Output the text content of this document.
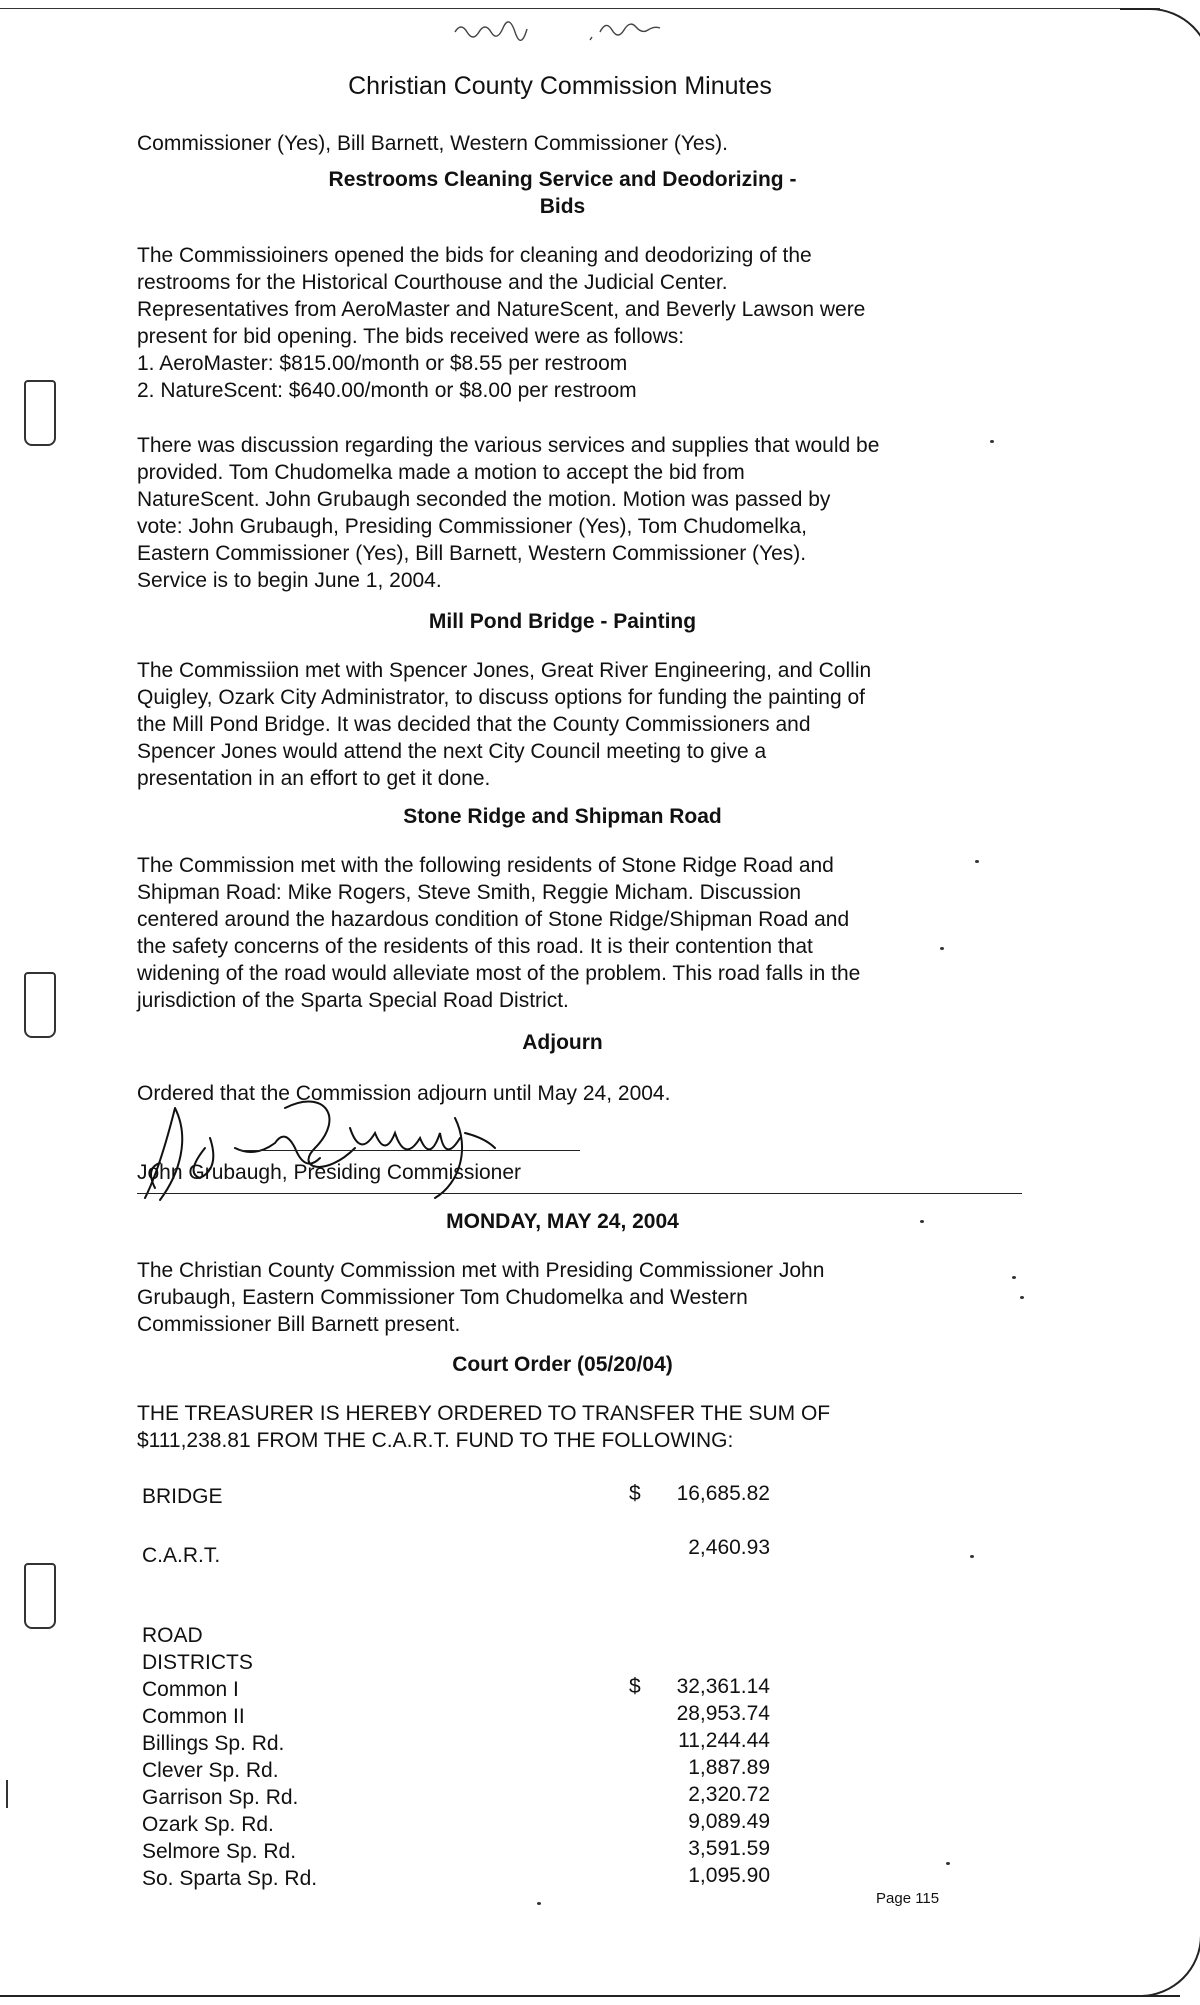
Christian County Commission Minutes
Commissioner (Yes), Bill Barnett, Western Commissioner (Yes).
Restrooms Cleaning Service and Deodorizing -
Bids
The Commissioiners opened the bids for cleaning and deodorizing of the
restrooms for the Historical Courthouse and the Judicial Center.
Representatives from AeroMaster and NatureScent, and Beverly Lawson were
present for bid opening. The bids received were as follows:
1. AeroMaster: $815.00/month or $8.55 per restroom
2. NatureScent: $640.00/month or $8.00 per restroom
There was discussion regarding the various services and supplies that would be
provided. Tom Chudomelka made a motion to accept the bid from
NatureScent. John Grubaugh seconded the motion. Motion was passed by
vote: John Grubaugh, Presiding Commissioner (Yes), Tom Chudomelka,
Eastern Commissioner (Yes), Bill Barnett, Western Commissioner (Yes).
Service is to begin June 1, 2004.
Mill Pond Bridge - Painting
The Commissiion met with Spencer Jones, Great River Engineering, and Collin
Quigley, Ozark City Administrator, to discuss options for funding the painting of
the Mill Pond Bridge. It was decided that the County Commissioners and
Spencer Jones would attend the next City Council meeting to give a
presentation in an effort to get it done.
Stone Ridge and Shipman Road
The Commission met with the following residents of Stone Ridge Road and
Shipman Road: Mike Rogers, Steve Smith, Reggie Micham. Discussion
centered around the hazardous condition of Stone Ridge/Shipman Road and
the safety concerns of the residents of this road. It is their contention that
widening of the road would alleviate most of the problem. This road falls in the
jurisdiction of the Sparta Special Road District.
Adjourn
Ordered that the Commission adjourn until May 24, 2004.
John Grubaugh, Presiding Commissioner
MONDAY, MAY 24, 2004
The Christian County Commission met with Presiding Commissioner John
Grubaugh, Eastern Commissioner Tom Chudomelka and Western
Commissioner Bill Barnett present.
Court Order (05/20/04)
THE TREASURER IS HEREBY ORDERED TO TRANSFER THE SUM OF
$111,238.81 FROM THE C.A.R.T. FUND TO THE FOLLOWING:
BRIDGE	$ 16,685.82
C.A.R.T.	2,460.93
ROAD
DISTRICTS
$
Common I	32,361.14
Common II	28,953.74
Billings Sp. Rd.	11,244.44
Clever Sp. Rd.	1,887.89
Garrison Sp. Rd.	2,320.72
Ozark Sp. Rd.	9,089.49
Selmore Sp. Rd.	3,591.59
So. Sparta Sp. Rd.	1,095.90
Page 115
